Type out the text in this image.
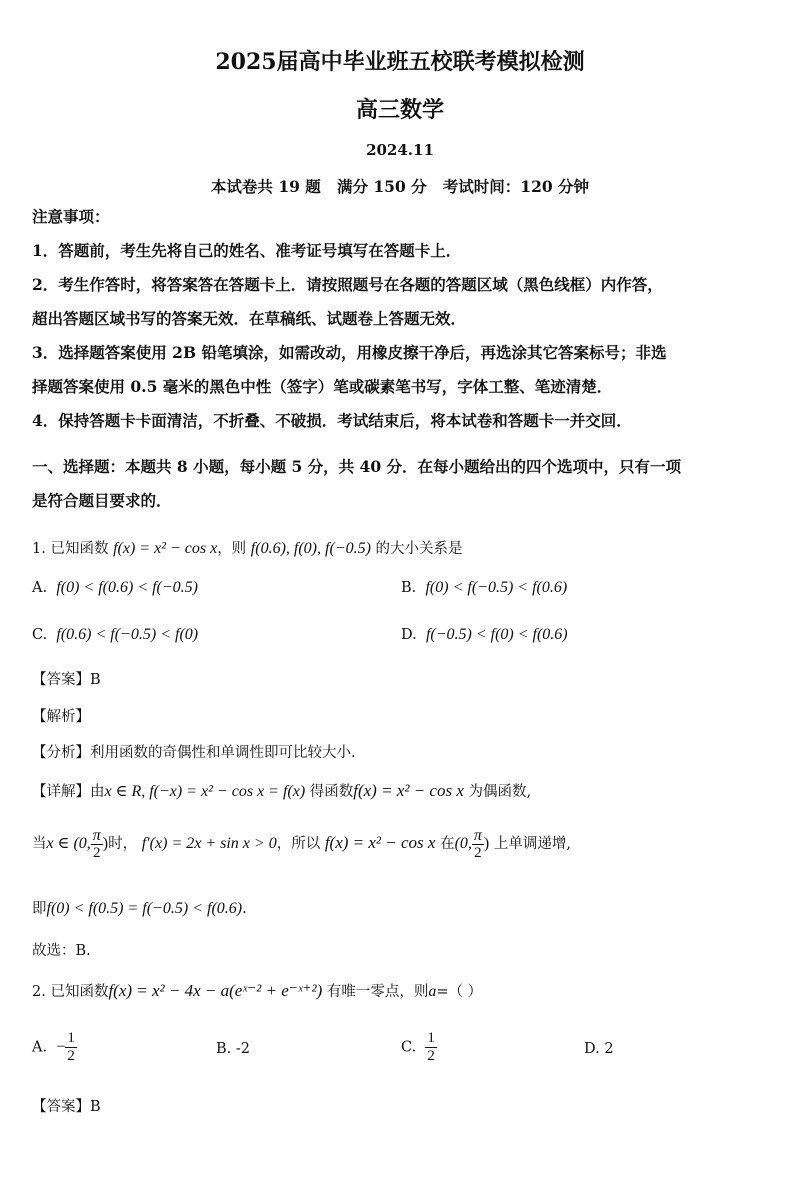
2025届高中毕业班五校联考模拟检测
高三数学
2024.11
本试卷共 19 题   满分 150 分   考试时间：120 分钟
注意事项：
1．答题前，考生先将自己的姓名、准考证号填写在答题卡上．
2．考生作答时，将答案答在答题卡上．请按照题号在各题的答题区域（黑色线框）内作答，
超出答题区域书写的答案无效．在草稿纸、试题卷上答题无效．
3．选择题答案使用 2B 铅笔填涂，如需改动，用橡皮擦干净后，再选涂其它答案标号；非选
择题答案使用 0.5 毫米的黑色中性（签字）笔或碳素笔书写，字体工整、笔迹清楚．
4．保持答题卡卡面清洁，不折叠、不破损．考试结束后，将本试卷和答题卡一并交回．
一、选择题：本题共 8 小题，每小题 5 分，共 40 分．在每小题给出的四个选项中，只有一项
是符合题目要求的．
1. 已知函数 f(x) = x² − cos x，则 f(0.6), f(0), f(−0.5) 的大小关系是
A.  f(0) < f(0.6) < f(−0.5)	B.  f(0) < f(−0.5) < f(0.6)
C.  f(0.6) < f(−0.5) < f(0)	D.  f(−0.5) < f(0) < f(0.6)
【答案】B
【解析】
【分析】利用函数的奇偶性和单调性即可比较大小.
【详解】由x ∈ R, f(−x) = x² − cos x = f(x) 得函数f(x) = x² − cos x 为偶函数,
当x ∈ (0, $\frac{\pi}{2}$ )时， f′(x) = 2x + sin x > 0，所以 f(x) = x² − cos x 在(0, $\frac{\pi}{2}$ ) 上单调递增,
即f(0) < f(0.5) = f(−0.5) < f(0.6).
故选：B.
2. 已知函数f(x) = x² − 4x − a(eˣ⁻² + e⁻ˣ⁺²) 有唯一零点，则a=（ ）
A. − $\frac{1}{2}$	B. -2	C. $\frac{1}{2}$	D. 2
【答案】B
